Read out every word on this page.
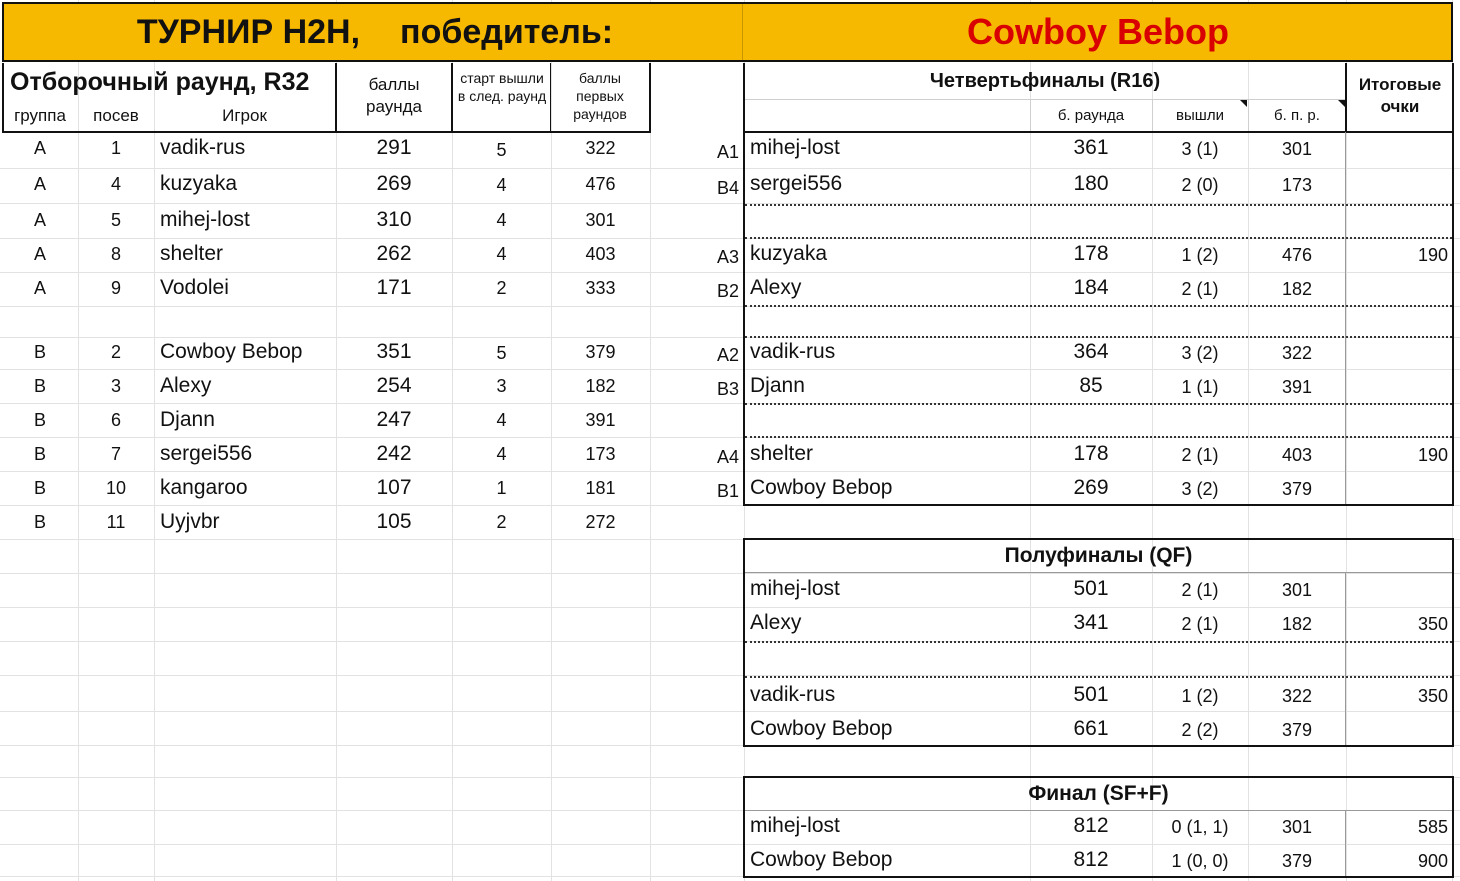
ТУРНИР H2H, победитель:	Cowboy Bebop
Отборочный раунд, R32
группа	посев	Игрок
баллы раунда
старт вышли в след. раунд
баллы первых раундов
A	1	vadik-rus	291	5	322
A	4	kuzyaka	269	4	476
A	5	mihej-lost	310	4	301
A	8	shelter	262	4	403
A	9	Vodolei	171	2	333
B	2	Cowboy Bebop	351	5	379
B	3	Alexy	254	3	182
B	6	Djann	247	4	391
B	7	sergei556	242	4	173
B	10	kangaroo	107	1	181
B	11	Uyjvbr	105	2	272
Четвертьфиналы (R16)
б. раунда	вышли	б. п. р.
Итоговые очки
A1 mihej-lost	361	3 (1)	301
B4 sergei556	180	2 (0)	173
A3 kuzyaka	178	1 (2)	476	190
B2 Alexy	184	2 (1)	182
A2 vadik-rus	364	3 (2)	322
B3 Djann	85	1 (1)	391
A4 shelter	178	2 (1)	403	190
B1 Cowboy Bebop	269	3 (2)	379
Полуфиналы (QF)
mihej-lost	501	2 (1)	301
Alexy	341	2 (1)	182	350
vadik-rus	501	1 (2)	322	350
Cowboy Bebop	661	2 (2)	379
Финал (SF+F)
mihej-lost	812	0 (1, 1)	301	585
Cowboy Bebop	812	1 (0, 0)	379	900
